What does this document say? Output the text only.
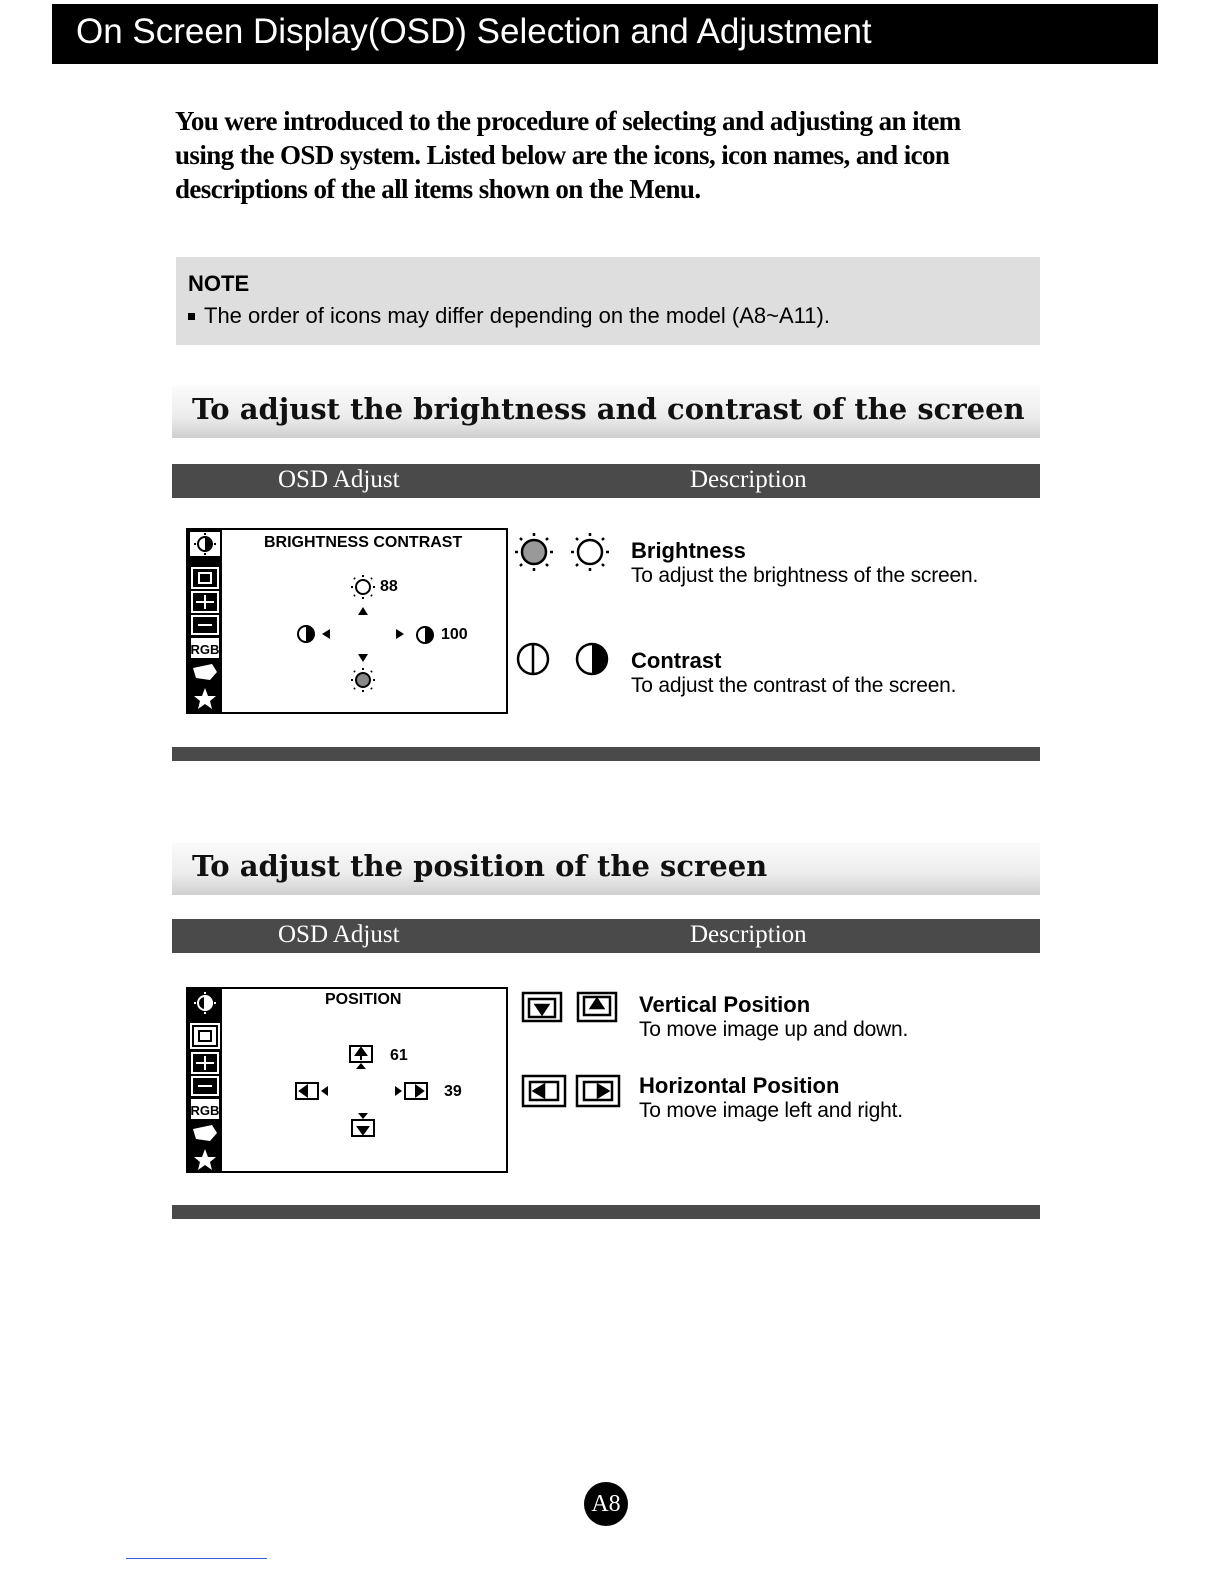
On Screen Display(OSD) Selection and Adjustment
You were introduced to the procedure of selecting and adjusting an item using the OSD system. Listed below are the icons, icon names, and icon descriptions of the all items shown on the Menu.
NOTE
The order of icons may differ depending on the model (A8~A11).
To adjust the brightness and contrast of the screen
OSD Adjust	Description
RGB
BRIGHTNESS CONTRAST
88
100
Brightness
To adjust the brightness of the screen.
Contrast
To adjust the contrast of the screen.
To adjust the position of the screen
OSD Adjust	Description
RGB
POSITION
61
39
Vertical Position
To move image up and down.
Horizontal Position
To move image left and right.
A8
